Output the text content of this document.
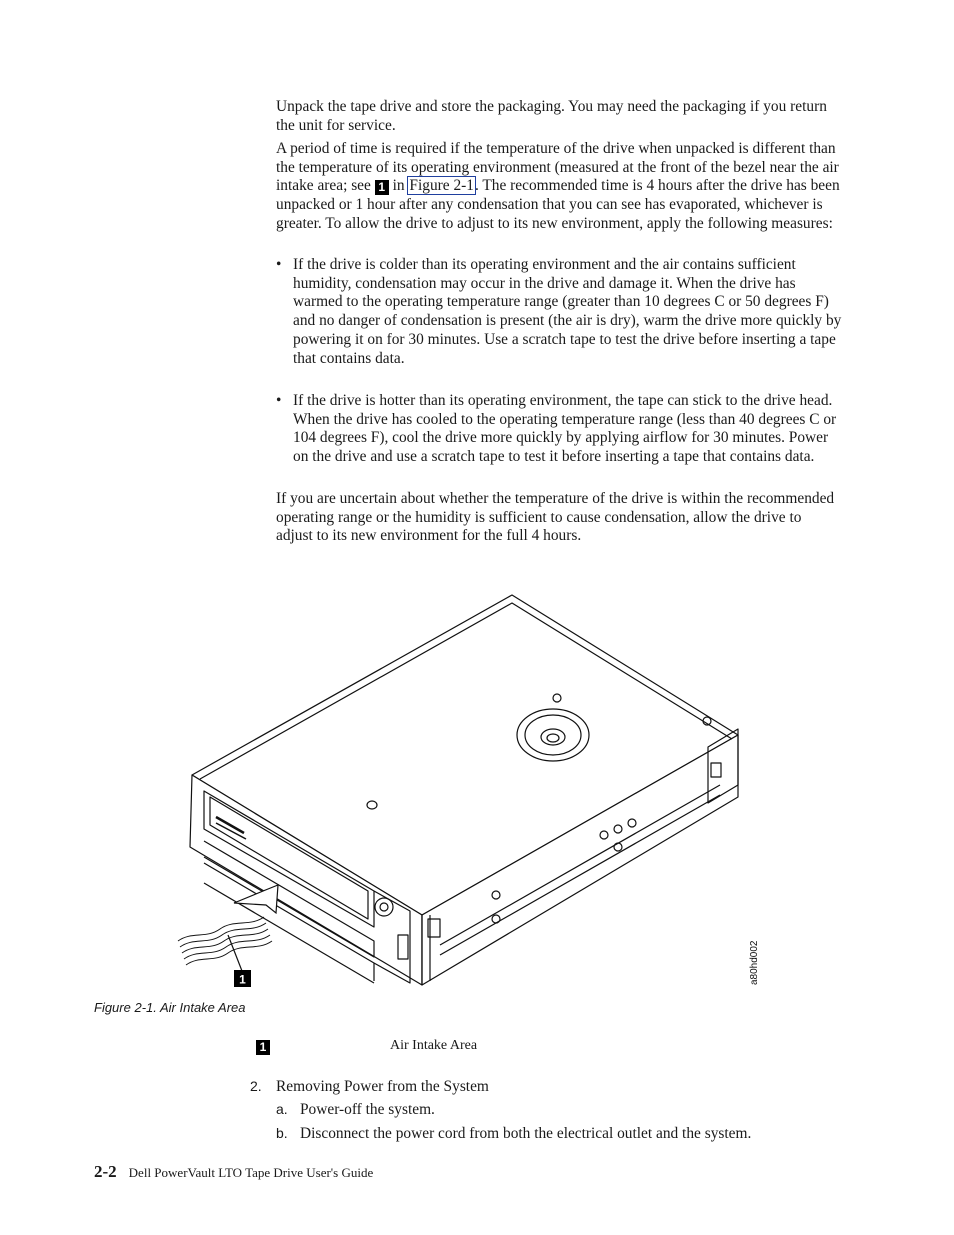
Unpack the tape drive and store the packaging. You may need the packaging if you return the unit for service.

A period of time is required if the temperature of the drive when unpacked is different than the temperature of its operating environment (measured at the front of the bezel near the air intake area; see 1 in Figure 2-1. The recommended time is 4 hours after the drive has been unpacked or 1 hour after any condensation that you can see has evaporated, whichever is greater. To allow the drive to adjust to its new environment, apply the following measures:

• If the drive is colder than its operating environment and the air contains sufficient humidity, condensation may occur in the drive and damage it. When the drive has warmed to the operating temperature range (greater than 10 degrees C or 50 degrees F) and no danger of condensation is present (the air is dry), warm the drive more quickly by powering it on for 30 minutes. Use a scratch tape to test the drive before inserting a tape that contains data.
• If the drive is hotter than its operating environment, the tape can stick to the drive head. When the drive has cooled to the operating temperature range (less than 40 degrees C or 104 degrees F), cool the drive more quickly by applying airflow for 30 minutes. Power on the drive and use a scratch tape to test it before inserting a tape that contains data.

If you are uncertain about whether the temperature of the drive is within the recommended operating range or the humidity is sufficient to cause condensation, allow the drive to adjust to its new environment for the full 4 hours.

1	a80hd002
Figure 2-1. Air Intake Area
1	Air Intake Area
2. Removing Power from the System
a. Power-off the system.
b. Disconnect the power cord from both the electrical outlet and the system.
2-2 Dell PowerVault LTO Tape Drive User's Guide
